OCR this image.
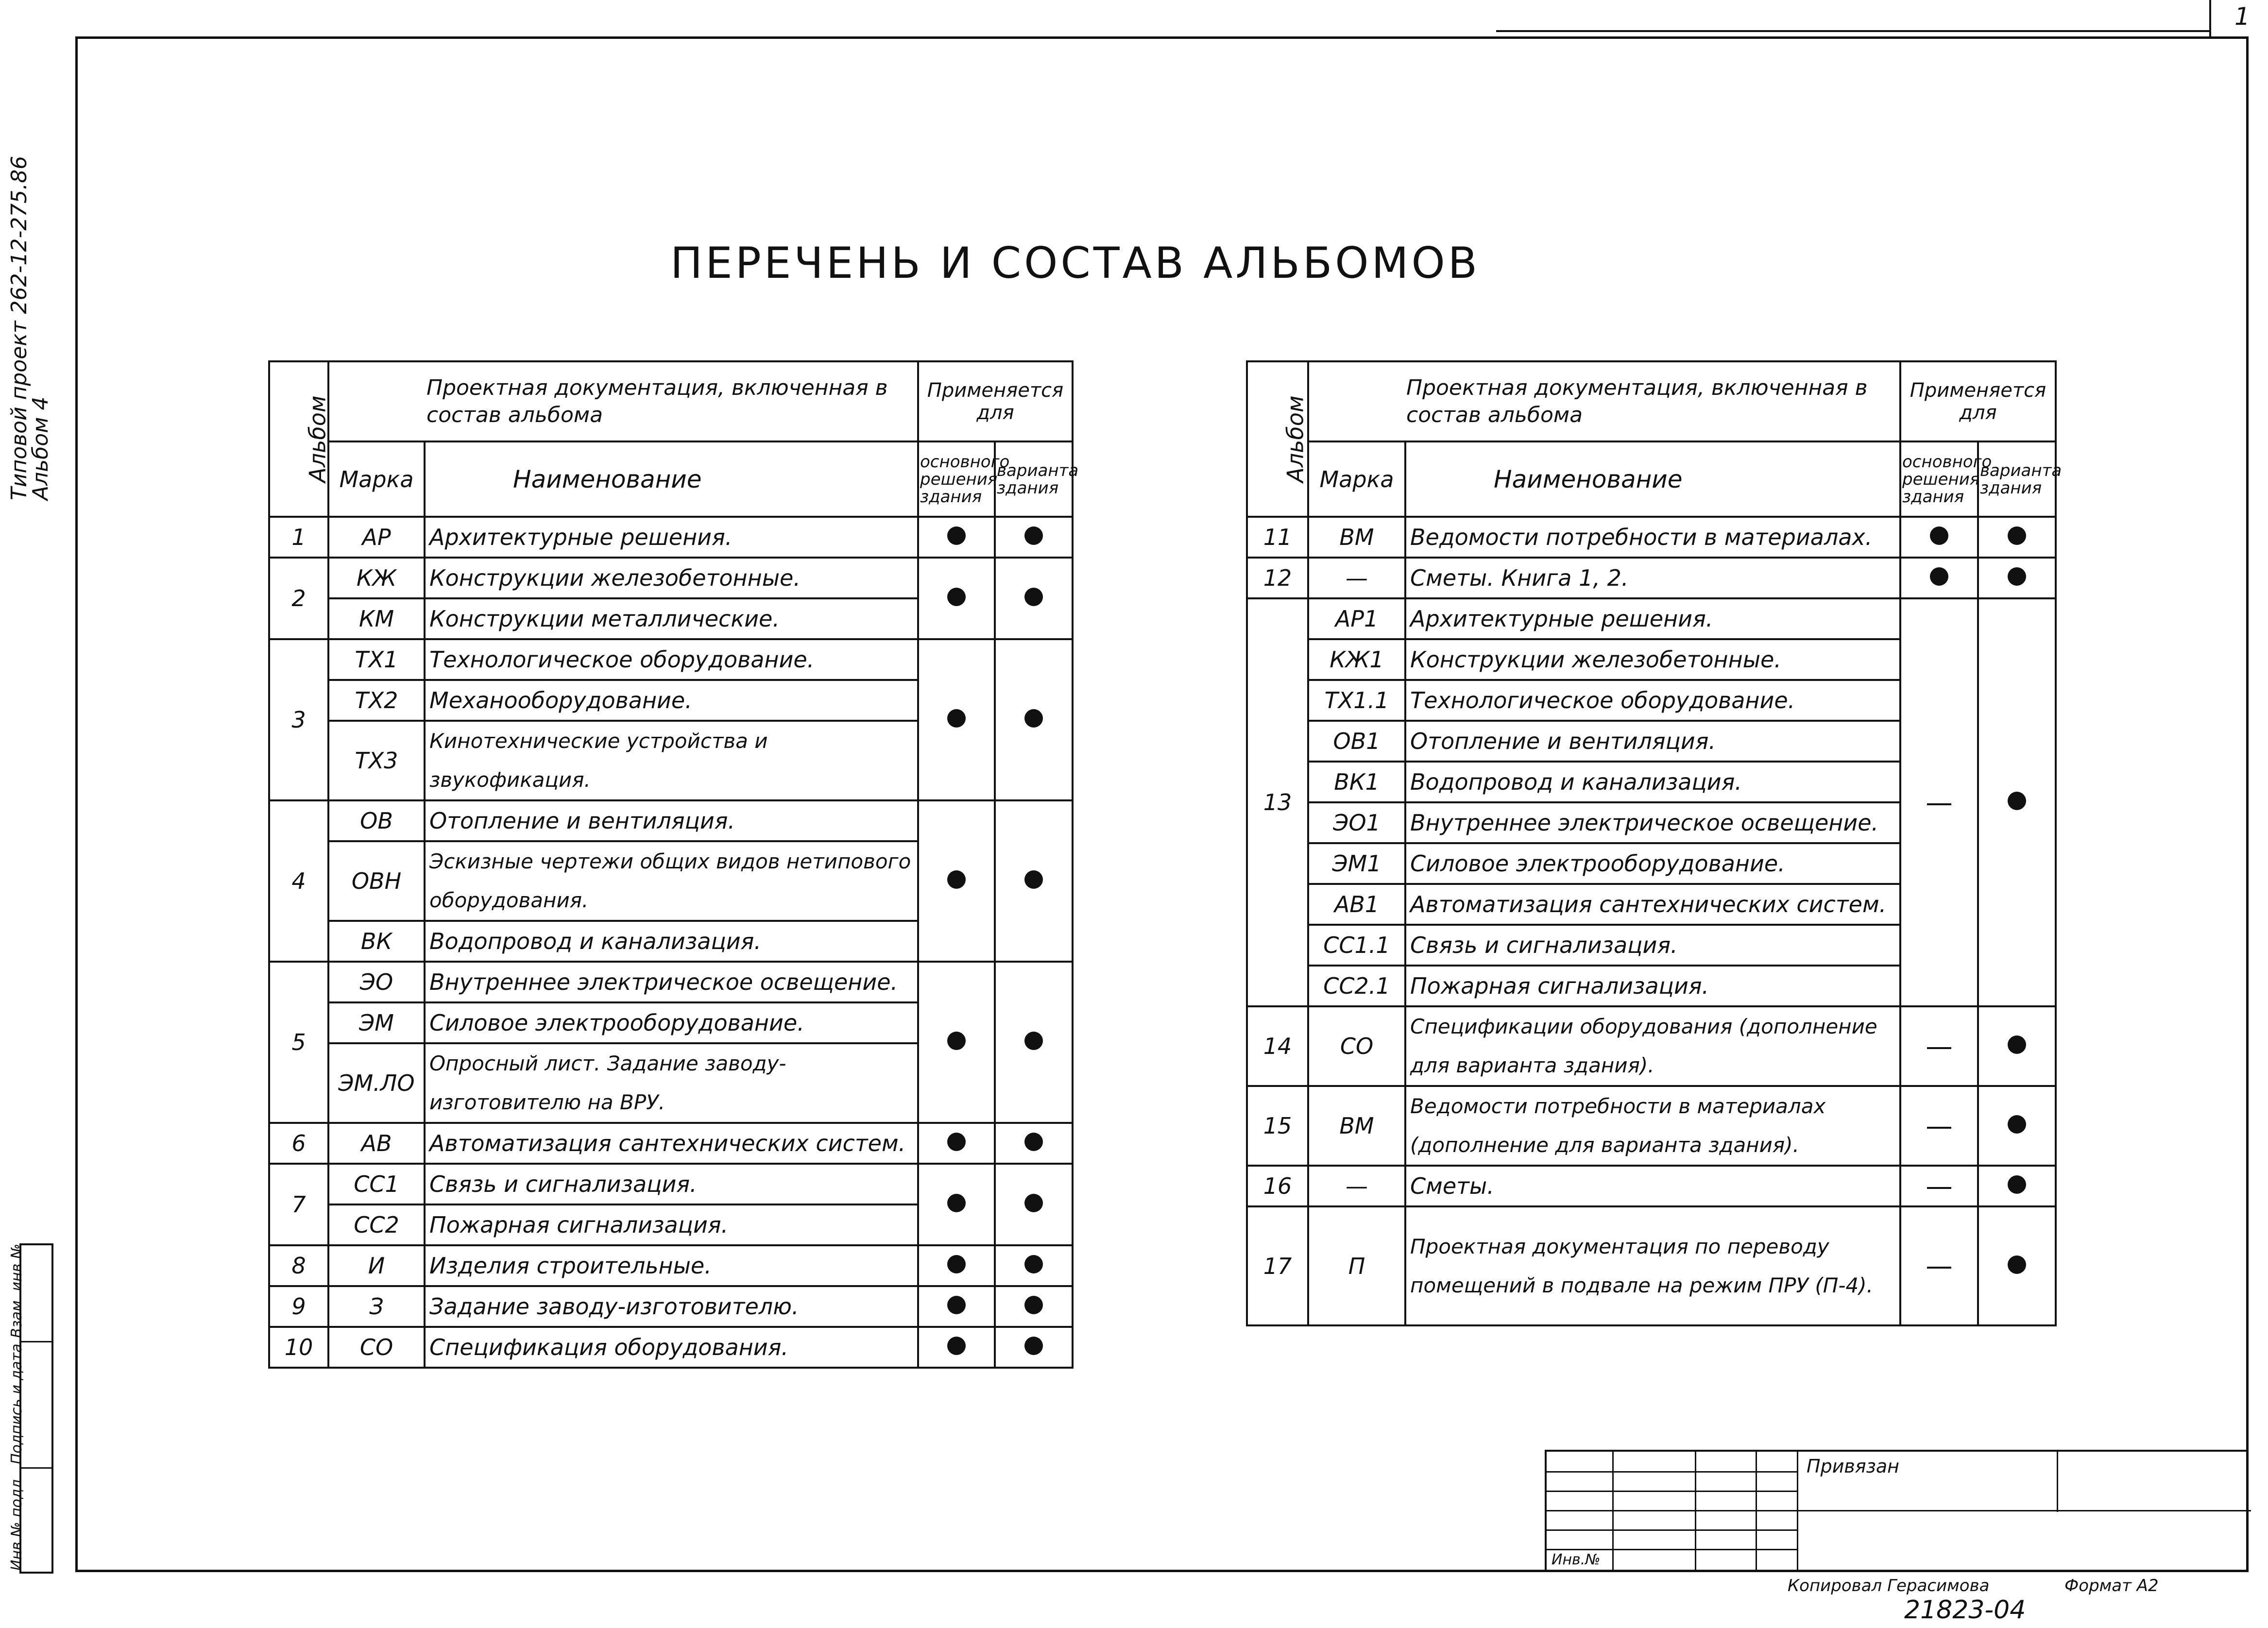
1
Типовой проект 262-12-275.86
Альбом 4
Инв.№ подл.
Подпись и дата
Взам. инв.№
ПЕРЕЧЕНЬ И СОСТАВ АЛЬБОМОВ
Альбом	Проектная документация, включенная в состав альбома		Применяется для	
	Марка	Наименование	основного решения здания	варианта здания
1	АР	Архитектурные решения.		
2	КЖ	Конструкции железобетонные.		
	КМ	Конструкции металлические.		
3	ТХ1	Технологическое оборудование.		
	ТХ2	Механооборудование.		
	ТХ3	Кинотехнические устройства и звукофикация.		
4	ОВ	Отопление и вентиляция.		
	ОВН	Эскизные чертежи общих видов нетипового оборудования.		
	ВК	Водопровод и канализация.		
5	ЭО	Внутреннее электрическое освещение.		
	ЭМ	Силовое электрооборудование.		
	ЭМ.ЛО	Опросный лист. Задание заводу-изготовителю на ВРУ.		
6	АВ	Автоматизация сантехнических систем.		
7	СС1	Связь и сигнализация.		
	СС2	Пожарная сигнализация.		
8	И	Изделия строительные.		
9	З	Задание заводу-изготовителю.		
10	СО	Спецификация оборудования.		
Альбом	Проектная документация, включенная в состав альбома		Применяется для	
	Марка	Наименование	основного решения здания	варианта здания
11	ВМ	Ведомости потребности в материалах.		
12	—	Сметы. Книга 1, 2.		
13	АР1	Архитектурные решения.		
	КЖ1	Конструкции железобетонные.		
	ТХ1.1	Технологическое оборудование.		
	ОВ1	Отопление и вентиляция.		
	ВК1	Водопровод и канализация.		
	ЭО1	Внутреннее электрическое освещение.		
	ЭМ1	Силовое электрооборудование.		
	АВ1	Автоматизация сантехнических систем.		
	СС1.1	Связь и сигнализация.		
	СС2.1	Пожарная сигнализация.		
14	СО	Спецификации оборудования (дополнение для варианта здания).		
15	ВМ	Ведомости потребности в материалах (дополнение для варианта здания).		
16	—	Сметы.		
17	П	Проектная документация по переводу помещений в подвале на режим ПРУ (П-4).		
Привязан
Инв.№
Копировал Герасимова	Формат А2
21823-04
